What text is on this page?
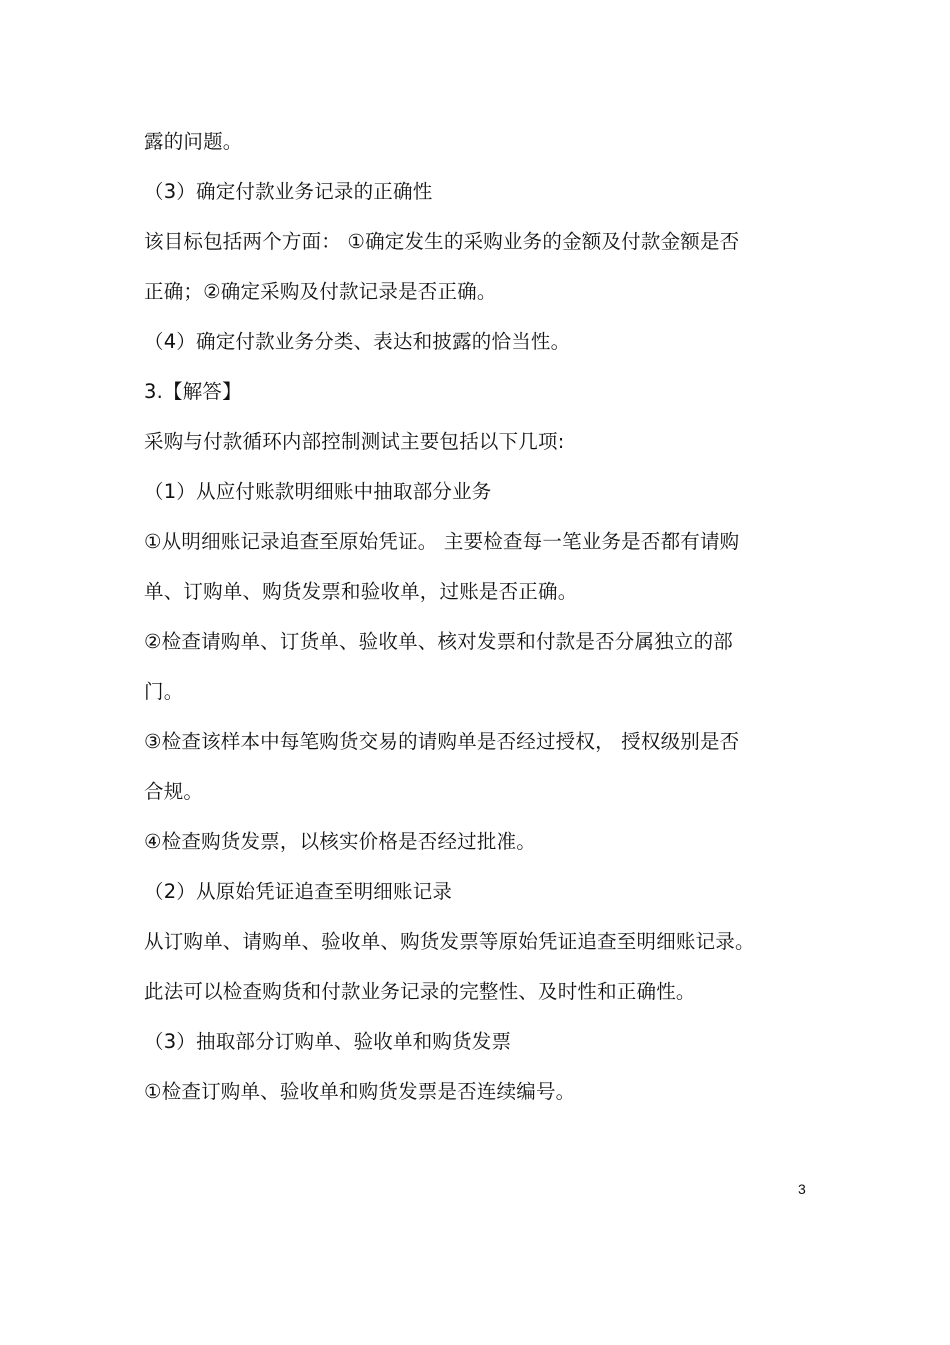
露的问题。

（3）确定付款业务记录的正确性

该目标包括两个方面： ①确定发生的采购业务的金额及付款金额是否

正确；②确定采购及付款记录是否正确。

（4）确定付款业务分类、表达和披露的恰当性。

3.【解答】

采购与付款循环内部控制测试主要包括以下几项:

（1）从应付账款明细账中抽取部分业务

①从明细账记录追查至原始凭证。 主要检查每一笔业务是否都有请购

单、订购单、购货发票和验收单，过账是否正确。

②检查请购单、订货单、验收单、核对发票和付款是否分属独立的部

门。

③检查该样本中每笔购货交易的请购单是否经过授权， 授权级别是否

合规。

④检查购货发票，以核实价格是否经过批准。

（2）从原始凭证追查至明细账记录

从订购单、请购单、验收单、购货发票等原始凭证追查至明细账记录。

此法可以检查购货和付款业务记录的完整性、及时性和正确性。

（3）抽取部分订购单、验收单和购货发票

①检查订购单、验收单和购货发票是否连续编号。

3
